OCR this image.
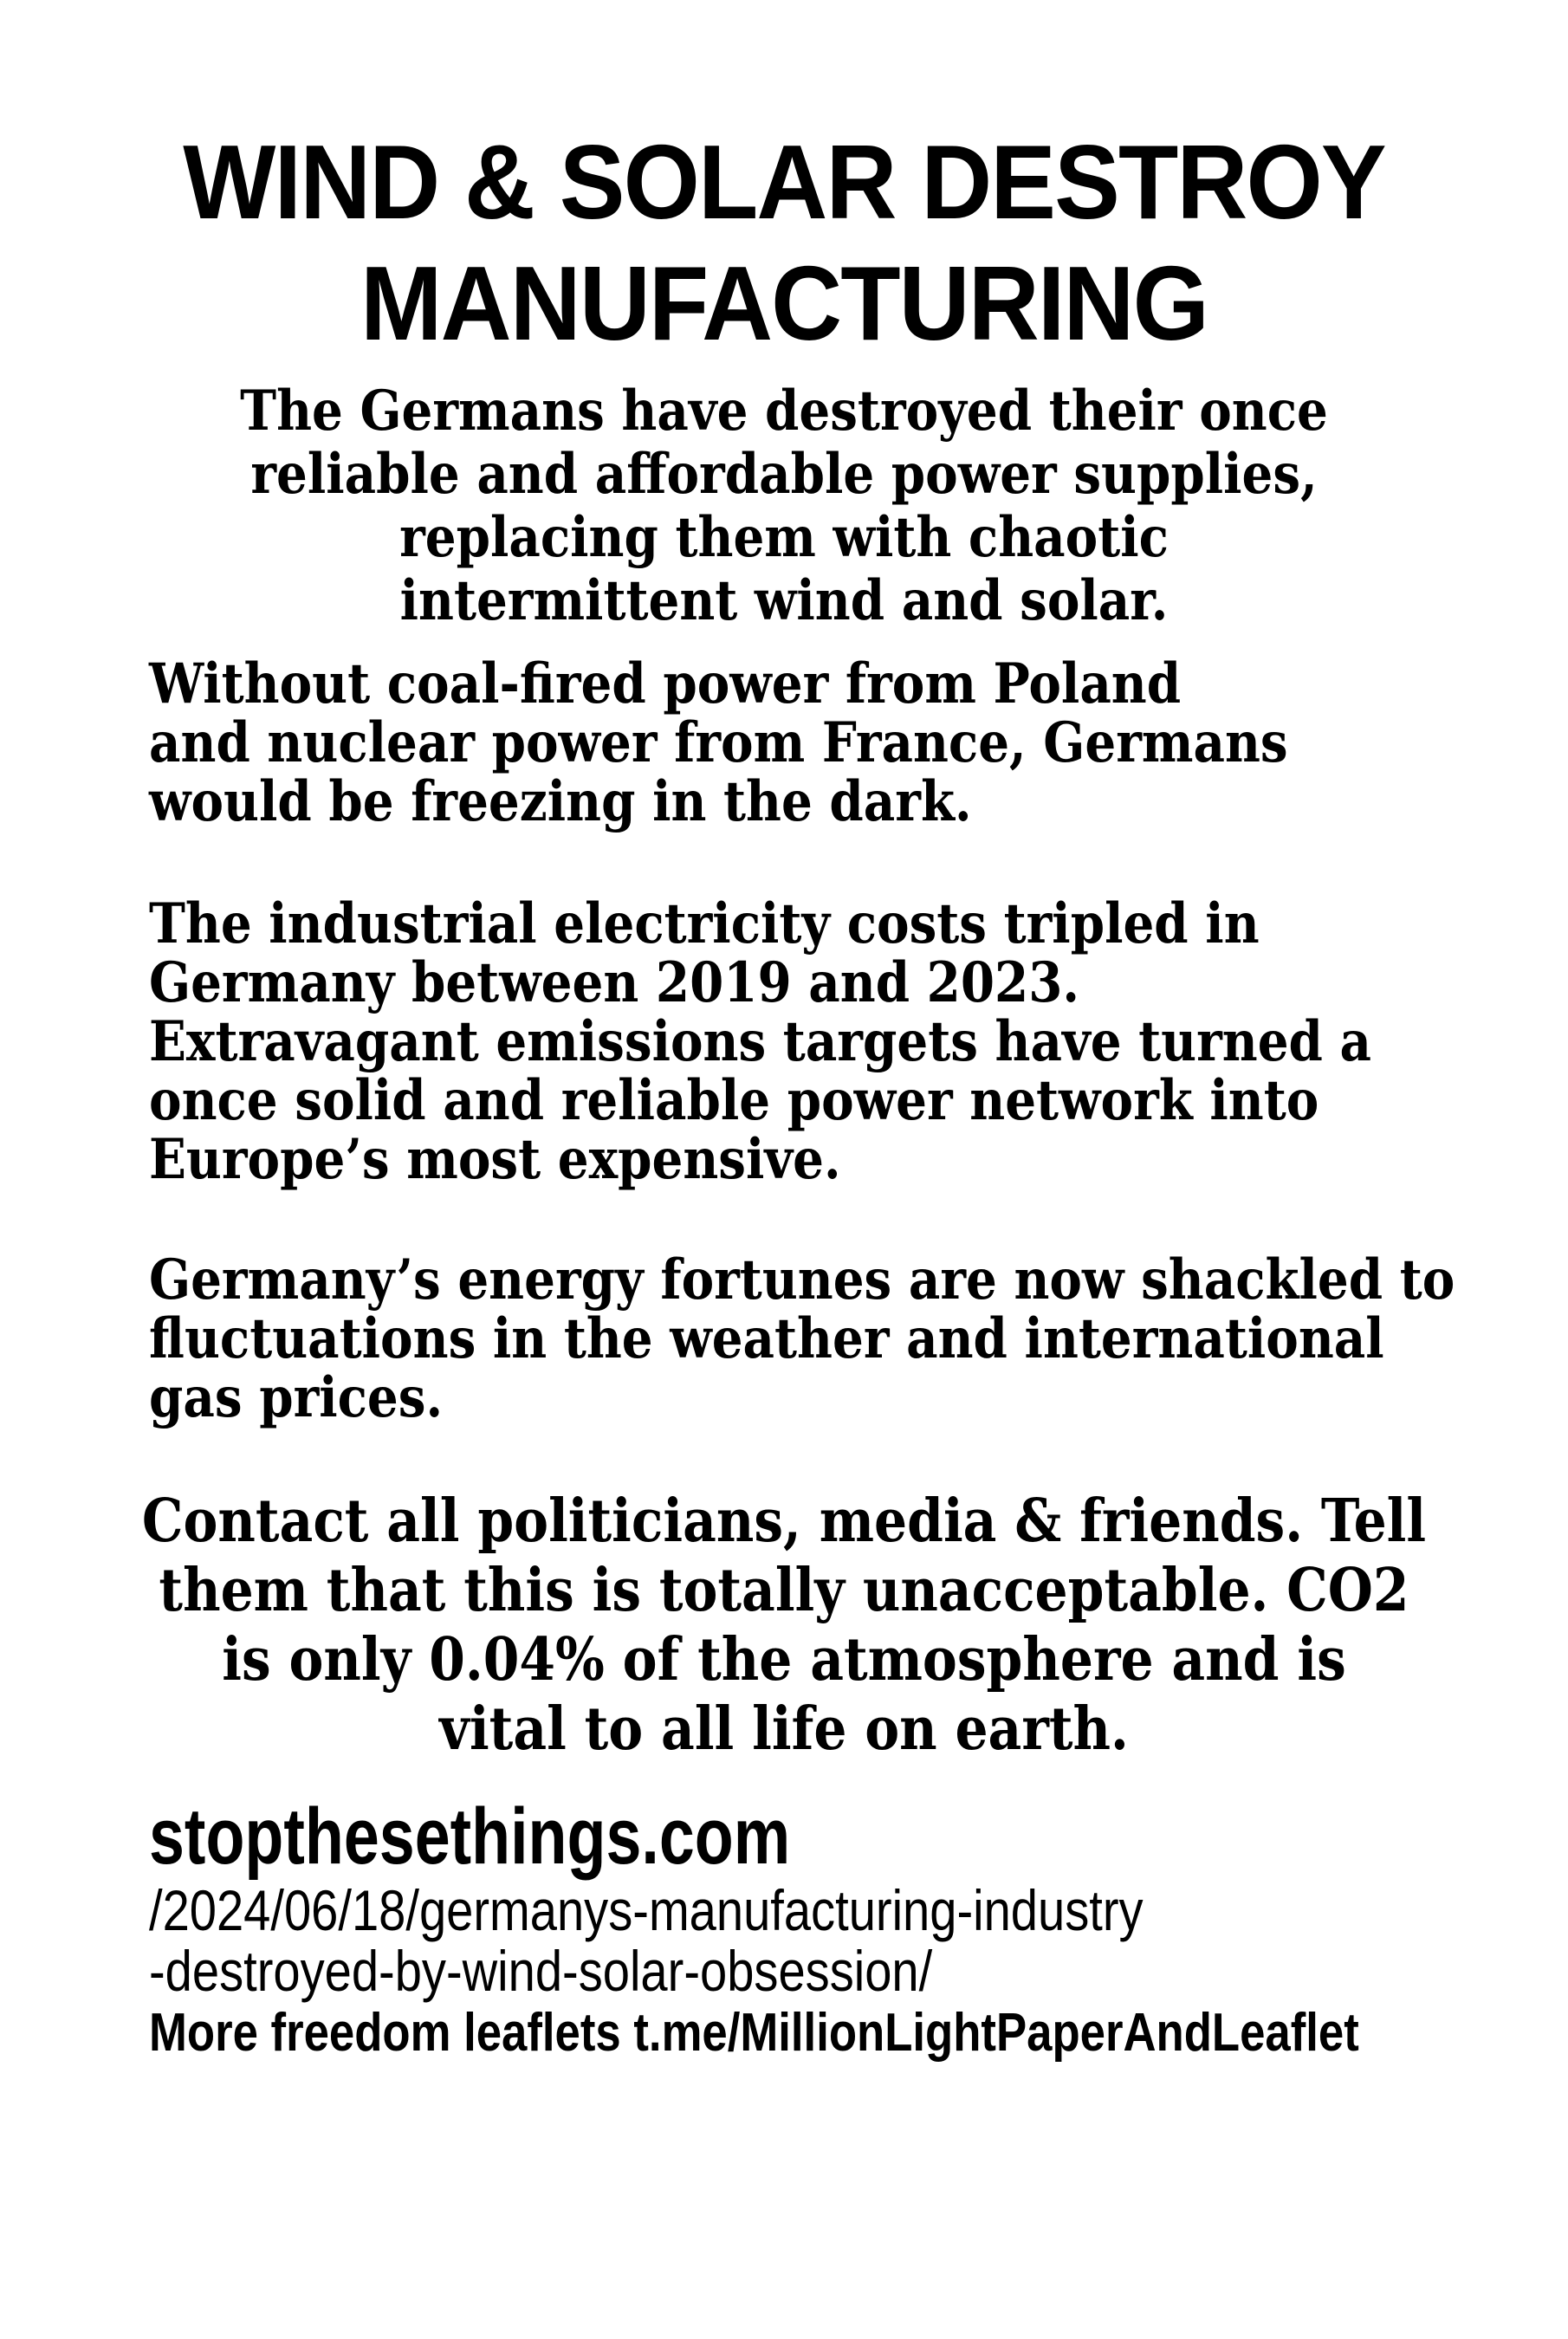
WIND & SOLAR DESTROY
MANUFACTURING
The Germans have destroyed their once
reliable and affordable power supplies,
replacing them with chaotic
intermittent wind and solar.
Without coal-fired power from Poland
and nuclear power from France, Germans
would be freezing in the dark.
The industrial electricity costs tripled in
Germany between 2019 and 2023.
Extravagant emissions targets have turned a
once solid and reliable power network into
Europe’s most expensive.
Germany’s energy fortunes are now shackled to
fluctuations in the weather and international
gas prices.
Contact all politicians, media & friends. Tell
them that this is totally unacceptable. CO2
is only 0.04% of the atmosphere and is
vital to all life on earth.
stopthesethings.com
/2024/06/18/germanys-manufacturing-industry
-destroyed-by-wind-solar-obsession/
More freedom leaflets t.me/MillionLightPaperAndLeaflet
